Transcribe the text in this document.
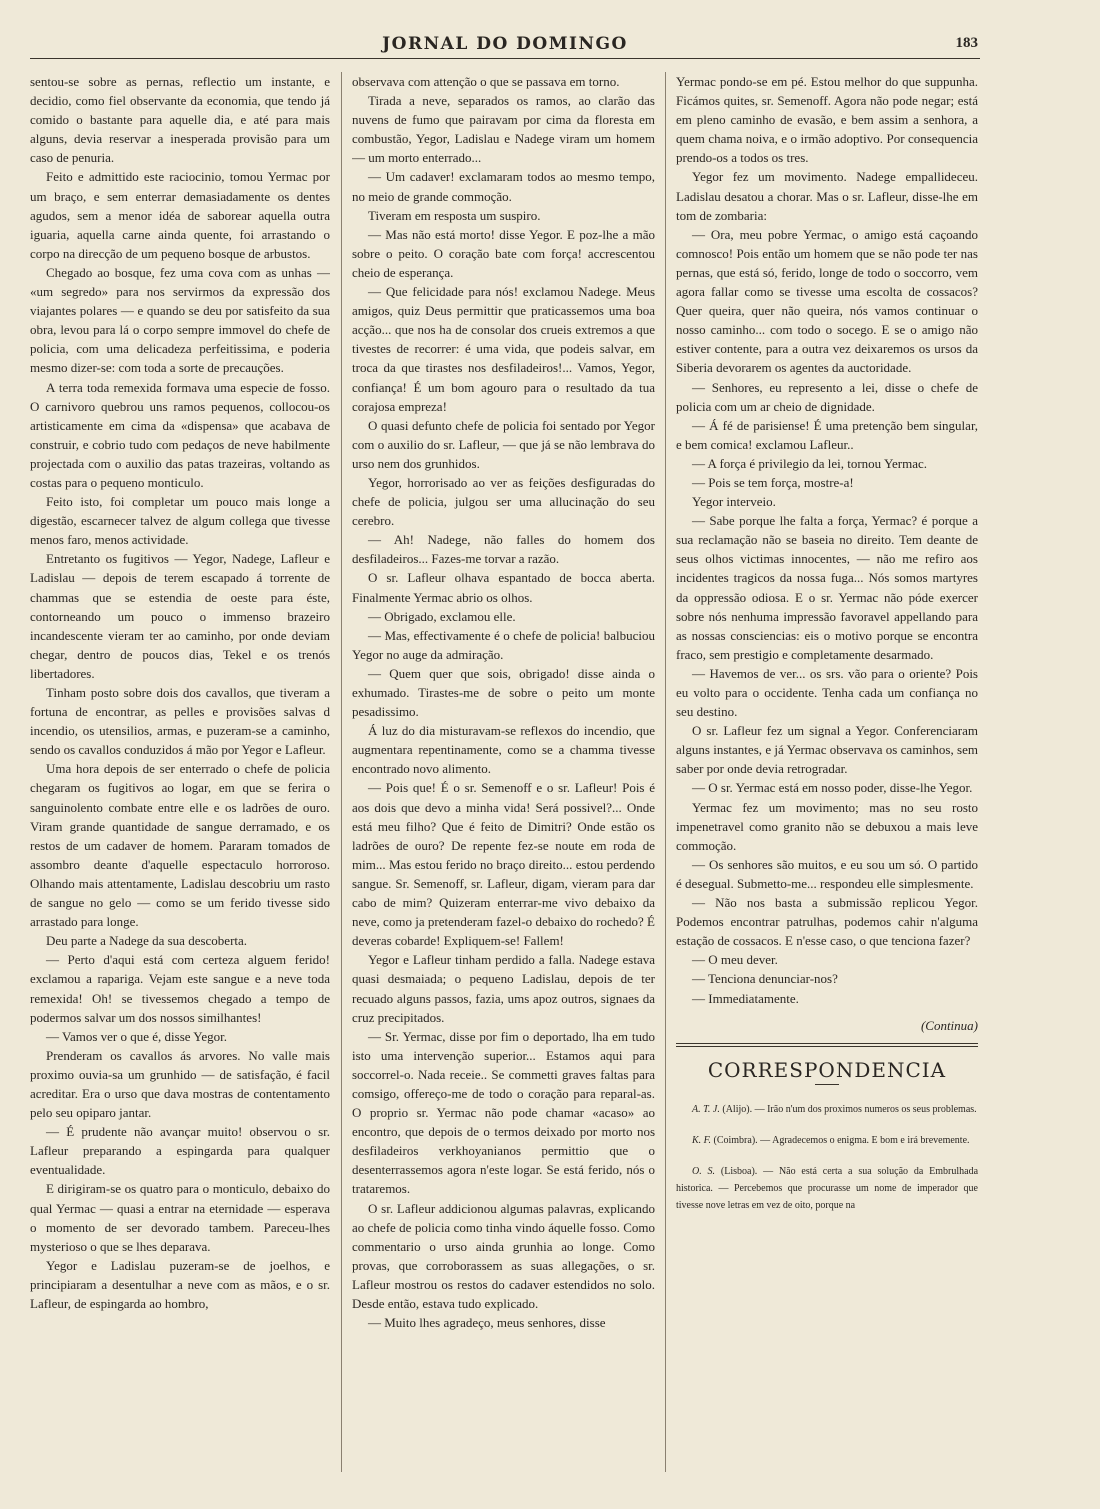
JORNAL DO DOMINGO	183

sentou-se sobre as pernas, reflectio um instante, e decidio, como fiel observante da economia, que tendo já comido o bastante para aquelle dia, e até para mais alguns, devia reservar a inesperada provisão para um caso de penuria.

Feito e admittido este raciocinio, tomou Yermac por um braço, e sem enterrar demasiadamente os dentes agudos, sem a menor idéa de saborear aquella outra iguaria, aquella carne ainda quente, foi arrastando o corpo na direcção de um pequeno bosque de arbustos.

Chegado ao bosque, fez uma cova com as unhas — «um segredo» para nos servirmos da expressão dos viajantes polares — e quando se deu por satisfeito da sua obra, levou para lá o corpo sempre immovel do chefe de policia, com uma delicadeza perfeitissima, e poderia mesmo dizer-se: com toda a sorte de precauções.

A terra toda remexida formava uma especie de fosso. O carnivoro quebrou uns ramos pequenos, collocou-os artisticamente em cima da «dispensa» que acabava de construir, e cobrio tudo com pedaços de neve habilmente projectada com o auxilio das patas trazeiras, voltando as costas para o pequeno monticulo.

Feito isto, foi completar um pouco mais longe a digestão, escarnecer talvez de algum collega que tivesse menos faro, menos actividade.

Entretanto os fugitivos — Yegor, Nadege, Lafleur e Ladislau — depois de terem escapado á torrente de chammas que se estendia de oeste para éste, contorneando um pouco o immenso brazeiro incandescente vieram ter ao caminho, por onde deviam chegar, dentro de poucos dias, Tekel e os trenós libertadores.

Tinham posto sobre dois dos cavallos, que tiveram a fortuna de encontrar, as pelles e provisões salvas d incendio, os utensilios, armas, e puzeram-se a caminho, sendo os cavallos conduzidos á mão por Yegor e Lafleur.

Uma hora depois de ser enterrado o chefe de policia chegaram os fugitivos ao logar, em que se ferira o sanguinolento combate entre elle e os ladrões de ouro. Viram grande quantidade de sangue derramado, e os restos de um cadaver de homem. Pararam tomados de assombro deante d'aquelle espectaculo horroroso. Olhando mais attentamente, Ladislau descobriu um rasto de sangue no gelo — como se um ferido tivesse sido arrastado para longe.

Deu parte a Nadege da sua descoberta.

— Perto d'aqui está com certeza alguem ferido! exclamou a rapariga. Vejam este sangue e a neve toda remexida! Oh! se tivessemos chegado a tempo de podermos salvar um dos nossos similhantes!

— Vamos ver o que é, disse Yegor.

Prenderam os cavallos ás arvores. No valle mais proximo ouvia-sa um grunhido — de satisfação, é facil acreditar. Era o urso que dava mostras de contentamento pelo seu opiparo jantar.

— É prudente não avançar muito! observou o sr. Lafleur preparando a espingarda para qualquer eventualidade.

E dirigiram-se os quatro para o monticulo, debaixo do qual Yermac — quasi a entrar na eternidade — esperava o momento de ser devorado tambem. Pareceu-lhes mysterioso o que se lhes deparava.

Yegor e Ladislau puzeram-se de joelhos, e principiaram a desentulhar a neve com as mãos, e o sr. Lafleur, de espingarda ao hombro,

observava com attenção o que se passava em torno.

Tirada a neve, separados os ramos, ao clarão das nuvens de fumo que pairavam por cima da floresta em combustão, Yegor, Ladislau e Nadege viram um homem — um morto enterrado...

— Um cadaver! exclamaram todos ao mesmo tempo, no meio de grande commoção.

Tiveram em resposta um suspiro.

— Mas não está morto! disse Yegor. E poz-lhe a mão sobre o peito. O coração bate com força! accrescentou cheio de esperança.

— Que felicidade para nós! exclamou Nadege. Meus amigos, quiz Deus permittir que praticassemos uma boa acção... que nos ha de consolar dos crueis extremos a que tivestes de recorrer: é uma vida, que podeis salvar, em troca da que tirastes nos desfiladeiros!... Vamos, Yegor, confiança! É um bom agouro para o resultado da tua corajosa empreza!

O quasi defunto chefe de policia foi sentado por Yegor com o auxilio do sr. Lafleur, — que já se não lembrava do urso nem dos grunhidos.

Yegor, horrorisado ao ver as feições desfiguradas do chefe de policia, julgou ser uma allucinação do seu cerebro.

— Ah! Nadege, não falles do homem dos desfiladeiros... Fazes-me torvar a razão.

O sr. Lafleur olhava espantado de bocca aberta. Finalmente Yermac abrio os olhos.

— Obrigado, exclamou elle.

— Mas, effectivamente é o chefe de policia! balbuciou Yegor no auge da admiração.

— Quem quer que sois, obrigado! disse ainda o exhumado. Tirastes-me de sobre o peito um monte pesadissimo.

Á luz do dia misturavam-se reflexos do incendio, que augmentara repentinamente, como se a chamma tivesse encontrado novo alimento.

— Pois que! É o sr. Semenoff e o sr. Lafleur! Pois é aos dois que devo a minha vida! Será possivel?... Onde está meu filho? Que é feito de Dimitri? Onde estão os ladrões de ouro? De repente fez-se noute em roda de mim... Mas estou ferido no braço direito... estou perdendo sangue. Sr. Semenoff, sr. Lafleur, digam, vieram para dar cabo de mim? Quizeram enterrar-me vivo debaixo da neve, como ja pretenderam fazel-o debaixo do rochedo? É deveras cobarde! Expliquem-se! Fallem!

Yegor e Lafleur tinham perdido a falla. Nadege estava quasi desmaiada; o pequeno Ladislau, depois de ter recuado alguns passos, fazia, ums apoz outros, signaes da cruz precipitados.

— Sr. Yermac, disse por fim o deportado, lha em tudo isto uma intervenção superior... Estamos aqui para soccorrel-o. Nada receie.. Se commetti graves faltas para comsigo, offereço-me de todo o coração para reparal-as. O proprio sr. Yermac não pode chamar «acaso» ao encontro, que depois de o termos deixado por morto nos desfiladeiros verkhoyanianos permittio que o desenterrassemos agora n'este logar. Se está ferido, nós o trataremos.

O sr. Lafleur addicionou algumas palavras, explicando ao chefe de policia como tinha vindo áquelle fosso. Como commentario o urso ainda grunhia ao longe. Como provas, que corroborassem as suas allegações, o sr. Lafleur mostrou os restos do cadaver estendidos no solo. Desde então, estava tudo explicado.

— Muito lhes agradeço, meus senhores, disse

Yermac pondo-se em pé. Estou melhor do que suppunha. Ficámos quites, sr. Semenoff. Agora não pode negar; está em pleno caminho de evasão, e bem assim a senhora, a quem chama noiva, e o irmão adoptivo. Por consequencia prendo-os a todos os tres.

Yegor fez um movimento. Nadege empallideceu. Ladislau desatou a chorar. Mas o sr. Lafleur, disse-lhe em tom de zombaria:

— Ora, meu pobre Yermac, o amigo está caçoando comnosco! Pois então um homem que se não pode ter nas pernas, que está só, ferido, longe de todo o soccorro, vem agora fallar como se tivesse uma escolta de cossacos? Quer queira, quer não queira, nós vamos continuar o nosso caminho... com todo o socego. E se o amigo não estiver contente, para a outra vez deixaremos os ursos da Siberia devorarem os agentes da auctoridade.

— Senhores, eu represento a lei, disse o chefe de policia com um ar cheio de dignidade.

— Á fé de parisiense! É uma pretenção bem singular, e bem comica! exclamou Lafleur..

— A força é privilegio da lei, tornou Yermac.

— Pois se tem força, mostre-a!

Yegor interveio.

— Sabe porque lhe falta a força, Yermac? é porque a sua reclamação não se baseia no direito. Tem deante de seus olhos victimas innocentes, — não me refiro aos incidentes tragicos da nossa fuga... Nós somos martyres da oppressão odiosa. E o sr. Yermac não póde exercer sobre nós nenhuma impressão favoravel appellando para as nossas consciencias: eis o motivo porque se encontra fraco, sem prestigio e completamente desarmado.

— Havemos de ver... os srs. vão para o oriente? Pois eu volto para o occidente. Tenha cada um confiança no seu destino.

O sr. Lafleur fez um signal a Yegor. Conferenciaram alguns instantes, e já Yermac observava os caminhos, sem saber por onde devia retrogradar.

— O sr. Yermac está em nosso poder, disse-lhe Yegor.

Yermac fez um movimento; mas no seu rosto impenetravel como granito não se debuxou a mais leve commoção.

— Os senhores são muitos, e eu sou um só. O partido é desegual. Submetto-me... respondeu elle simplesmente.

— Não nos basta a submissão replicou Yegor. Podemos encontrar patrulhas, podemos cahir n'alguma estação de cossacos. E n'esse caso, o que tenciona fazer?

— O meu dever.

— Tenciona denunciar-nos?

— Immediatamente.

(Continua)

CORRESPONDENCIA

A. T. J. (Alijo). — Irão n'um dos proximos numeros os seus problemas.

K. F. (Coimbra). — Agradecemos o enigma. E bom e irá brevemente.

O. S. (Lisboa). — Não está certa a sua solução da Embrulhada historica. — Percebemos que procurasse um nome de imperador que tivesse nove letras em vez de oito, porque na
